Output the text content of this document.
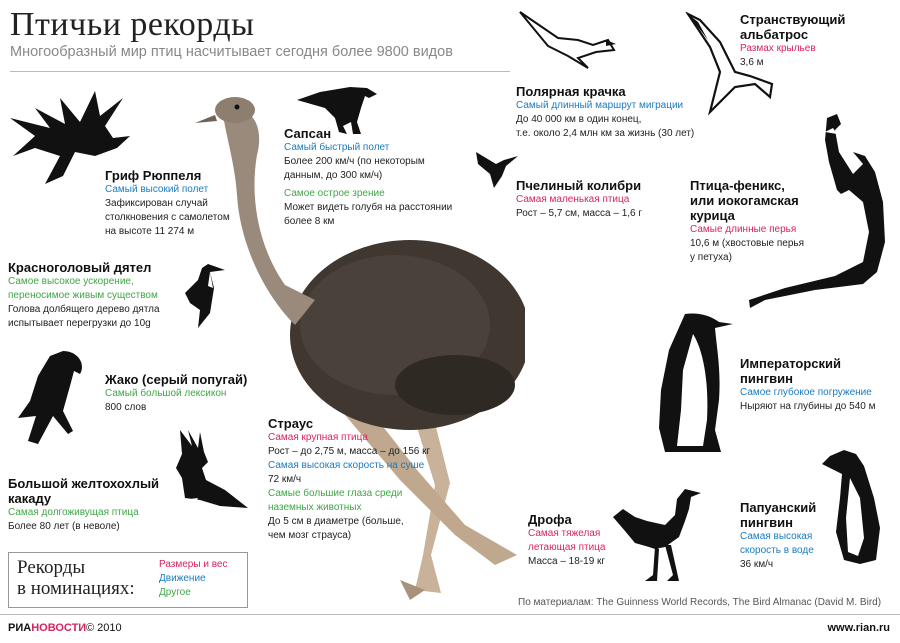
Птичьи рекорды
Многообразный мир птиц насчитывает сегодня более 9800 видов
Гриф Рюппеля
Самый высокий полет
Зафиксирован случай
столкновения с самолетом
на высоте 11 274 м
Красноголовый дятел
Самое высокое ускорение,
переносимое живым существом
Голова долбящего дерево дятла
испытывает перегрузки до 10g
Жако (серый попугай)
Самый большой лексикон
800 слов
Большой желтохохлый
какаду
Самая долгоживущая птица
Более 80 лет (в неволе)
Сапсан
Самый быстрый полет
Более 200 км/ч (по некоторым
данным, до 300 км/ч)
Самое острое зрение
Может видеть голубя на расстоянии
более 8 км
Страус
Самая крупная птица
Рост – до 2,75 м, масса – до 156 кг
Самая высокая скорость на суше
72 км/ч
Самые большие глаза среди
наземных животных
До 5 см в диаметре (больше,
чем мозг страуса)
Полярная крачка
Самый длинный маршрут миграции
До 40 000 км в один конец,
т.е. около 2,4 млн км за жизнь (30 лет)
Пчелиный колибри
Самая маленькая птица
Рост – 5,7 см, масса – 1,6 г
Странствующий
альбатрос
Размах крыльев
3,6 м
Птица-феникс,
или иокогамская
курица
Самые длинные перья
10,6 м (хвостовые перья
у петуха)
Императорский
пингвин
Самое глубокое погружение
Ныряют на глубины до 540 м
Дрофа
Самая тяжелая
летающая птица
Масса – 18-19 кг
Папуанский
пингвин
Самая высокая
скорость в воде
36 км/ч
Рекорды
в номинациях:
Размеры и вес
Движение
Другое
По материалам: The Guinness World Records, The Bird Almanac (David M. Bird)
РИАНОВОСТИ © 2010	www.rian.ru
